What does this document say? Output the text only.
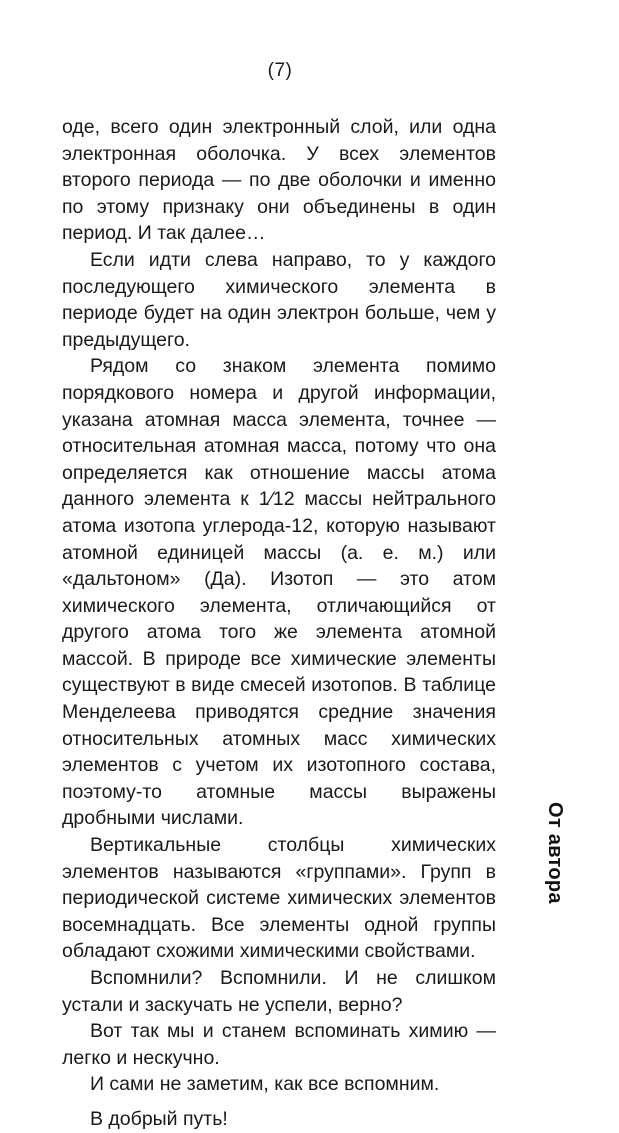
(7)

оде, всего один электронный слой, или одна электронная оболочка. У всех элементов второго периода — по две оболочки и именно по этому признаку они объединены в один период. И так далее…

Если идти слева направо, то у каждого последующего химического элемента в периоде будет на один электрон больше, чем у предыдущего.

Рядом со знаком элемента помимо порядкового номера и другой информации, указана атомная масса элемента, точнее — относительная атомная масса, потому что она определяется как отношение массы атома данного элемента к 1⁄12 массы нейтрального атома изотопа углерода-12, которую называют атомной единицей массы (а. е. м.) или «дальтоном» (Да). Изотоп — это атом химического элемента, отличающийся от другого атома того же элемента атомной массой. В природе все химические элементы существуют в виде смесей изотопов. В таблице Менделеева приводятся средние значения относительных атомных масс химических элементов с учетом их изотопного состава, поэтому-то атомные массы выражены дробными числами.

Вертикальные столбцы химических элементов называются «группами». Групп в периодической системе химических элементов восемнадцать. Все элементы одной группы обладают схожими химическими свойствами.

Вспомнили? Вспомнили. И не слишком устали и заскучать не успели, верно?

Вот так мы и станем вспоминать химию — легко и нескучно.

И сами не заметим, как все вспомним.

В добрый путь!

От автора
